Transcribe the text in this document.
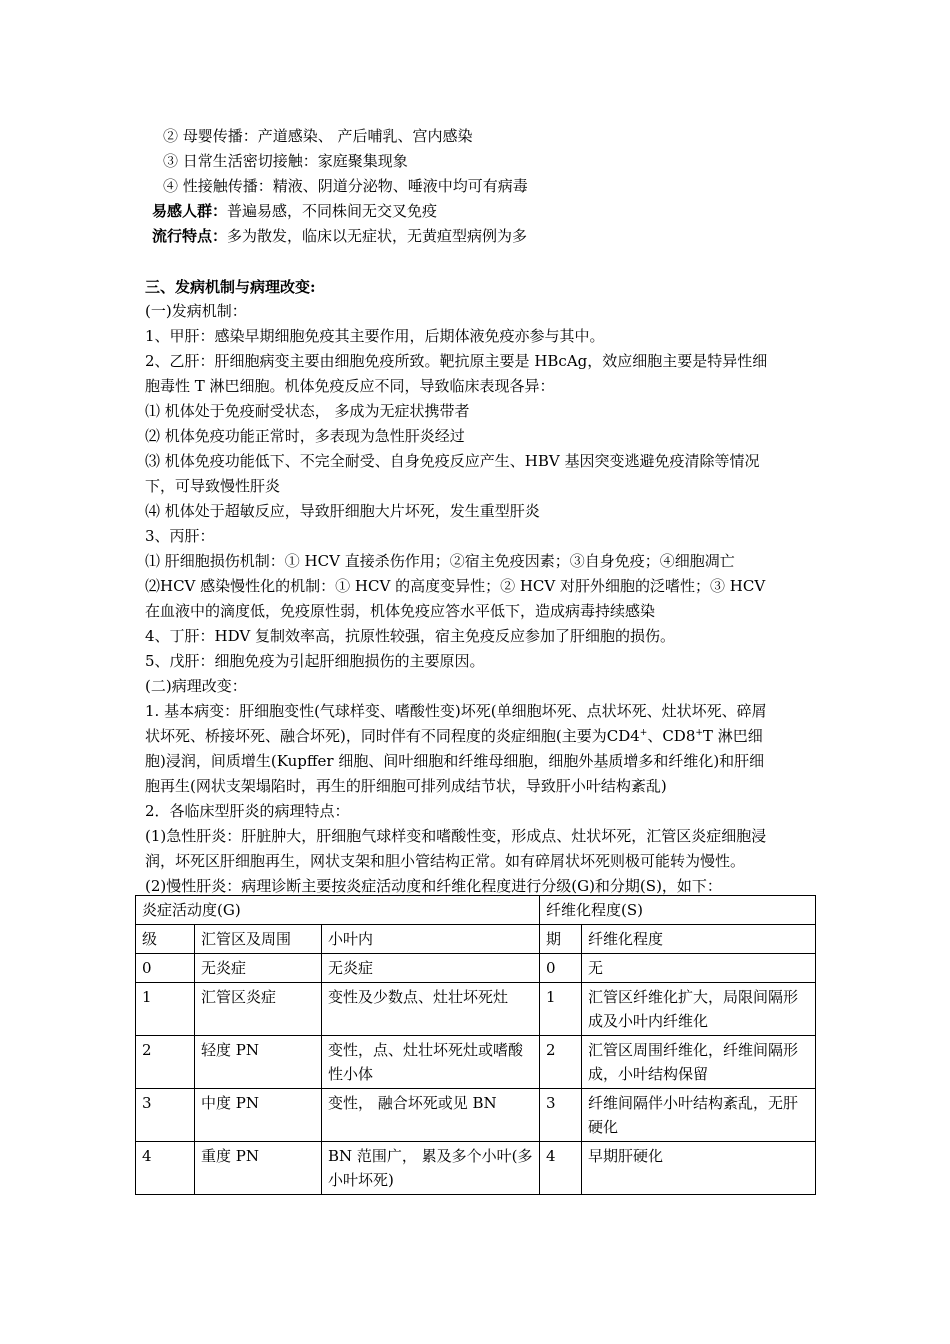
② 母婴传播：产道感染、 产后哺乳、宫内感染
③ 日常生活密切接触：家庭聚集现象
④ 性接触传播：精液、阴道分泌物、唾液中均可有病毒
易感人群：普遍易感，不同株间无交叉免疫
流行特点：多为散发，临床以无症状，无黄疸型病例为多
三、发病机制与病理改变:
(一)发病机制：
1、甲肝：感染早期细胞免疫其主要作用，后期体液免疫亦参与其中。
2、乙肝：肝细胞病变主要由细胞免疫所致。靶抗原主要是 HBcAg，效应细胞主要是特异性细
胞毒性 T 淋巴细胞。机体免疫反应不同，导致临床表现各异：
⑴ 机体处于免疫耐受状态， 多成为无症状携带者
⑵ 机体免疫功能正常时，多表现为急性肝炎经过
⑶ 机体免疫功能低下、不完全耐受、自身免疫反应产生、HBV 基因突变逃避免疫清除等情况
下，可导致慢性肝炎
⑷ 机体处于超敏反应，导致肝细胞大片坏死，发生重型肝炎
3、丙肝：
⑴ 肝细胞损伤机制：① HCV 直接杀伤作用；②宿主免疫因素；③自身免疫；④细胞凋亡
⑵HCV 感染慢性化的机制：① HCV 的高度变异性；② HCV 对肝外细胞的泛嗜性；③ HCV
在血液中的滴度低，免疫原性弱，机体免疫应答水平低下，造成病毒持续感染
4、丁肝：HDV 复制效率高，抗原性较强，宿主免疫反应参加了肝细胞的损伤。
5、戊肝：细胞免疫为引起肝细胞损伤的主要原因。
(二)病理改变：
1. 基本病变：肝细胞变性(气球样变、嗜酸性变)坏死(单细胞坏死、点状坏死、灶状坏死、碎屑
状坏死、桥接坏死、融合坏死)，同时伴有不同程度的炎症细胞(主要为CD4+、CD8+T 淋巴细
胞)浸润，间质增生(Kupffer 细胞、间叶细胞和纤维母细胞，细胞外基质增多和纤维化)和肝细
胞再生(网状支架塌陷时，再生的肝细胞可排列成结节状，导致肝小叶结构紊乱)
2．各临床型肝炎的病理特点：
(1)急性肝炎：肝脏肿大，肝细胞气球样变和嗜酸性变，形成点、灶状坏死，汇管区炎症细胞浸
润，坏死区肝细胞再生，网状支架和胆小管结构正常。如有碎屑状坏死则极可能转为慢性。
(2)慢性肝炎：病理诊断主要按炎症活动度和纤维化程度进行分级(G)和分期(S)，如下：
炎症活动度(G)			纤维化程度(S)	
级	汇管区及周围	小叶内	期	纤维化程度
0	无炎症	无炎症	0	无
1	汇管区炎症	变性及少数点、灶壮坏死灶	1	汇管区纤维化扩大，局限间隔形成及小叶内纤维化
2	轻度 PN	变性，点、灶壮坏死灶或嗜酸性小体	2	汇管区周围纤维化，纤维间隔形成，小叶结构保留
3	中度 PN	变性， 融合坏死或见 BN	3	纤维间隔伴小叶结构紊乱，无肝硬化
4	重度 PN	BN 范围广， 累及多个小叶(多小叶坏死)	4	早期肝硬化
